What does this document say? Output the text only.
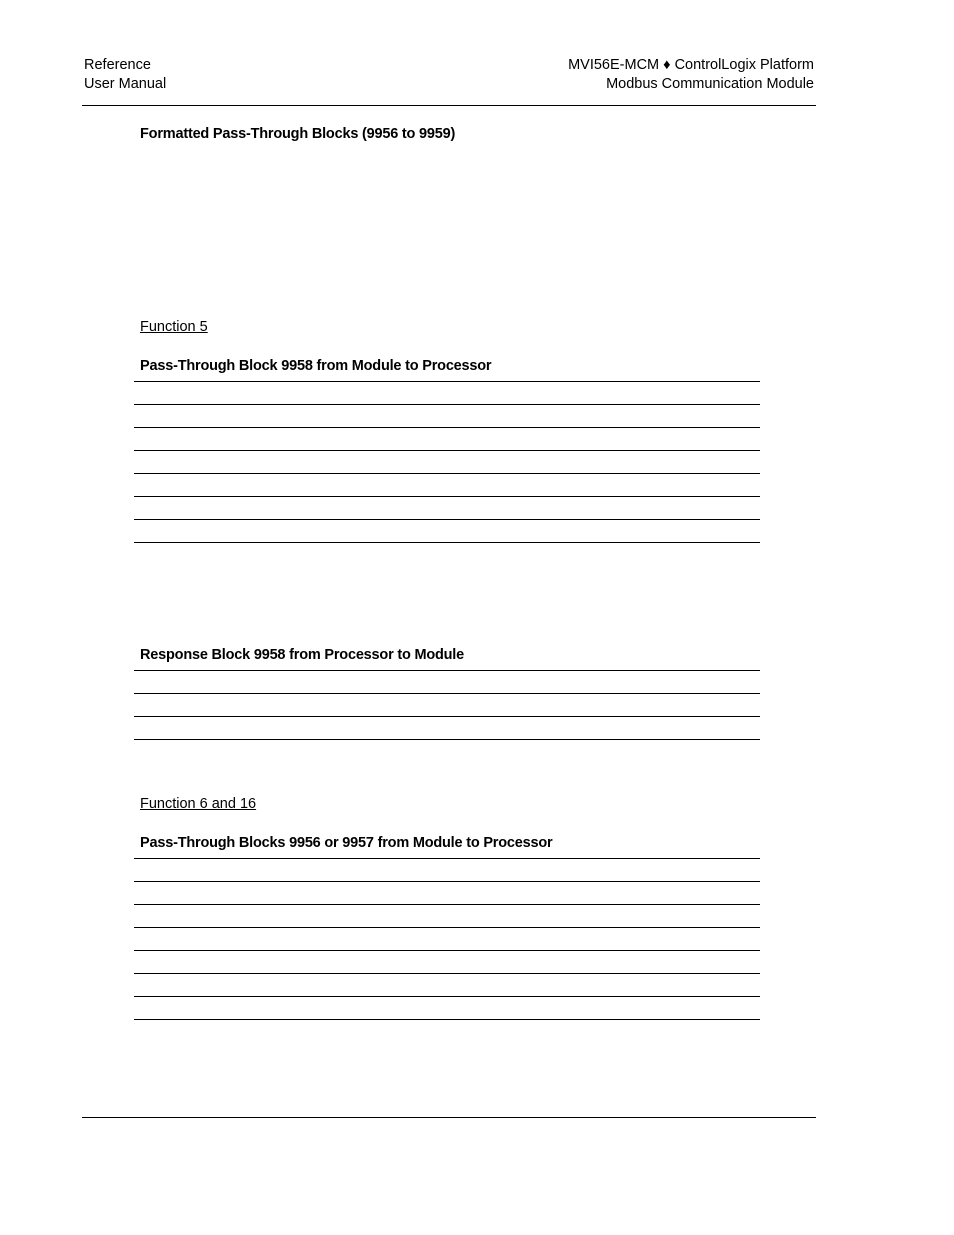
Reference
User Manual
MVI56E-MCM ♦ ControlLogix Platform
Modbus Communication Module
Formatted Pass-Through Blocks (9956 to 9959)
Function 5
Pass-Through Block 9958 from Module to Processor
Response Block 9958 from Processor to Module
Function 6 and 16
Pass-Through Blocks 9956 or 9957 from Module to Processor
